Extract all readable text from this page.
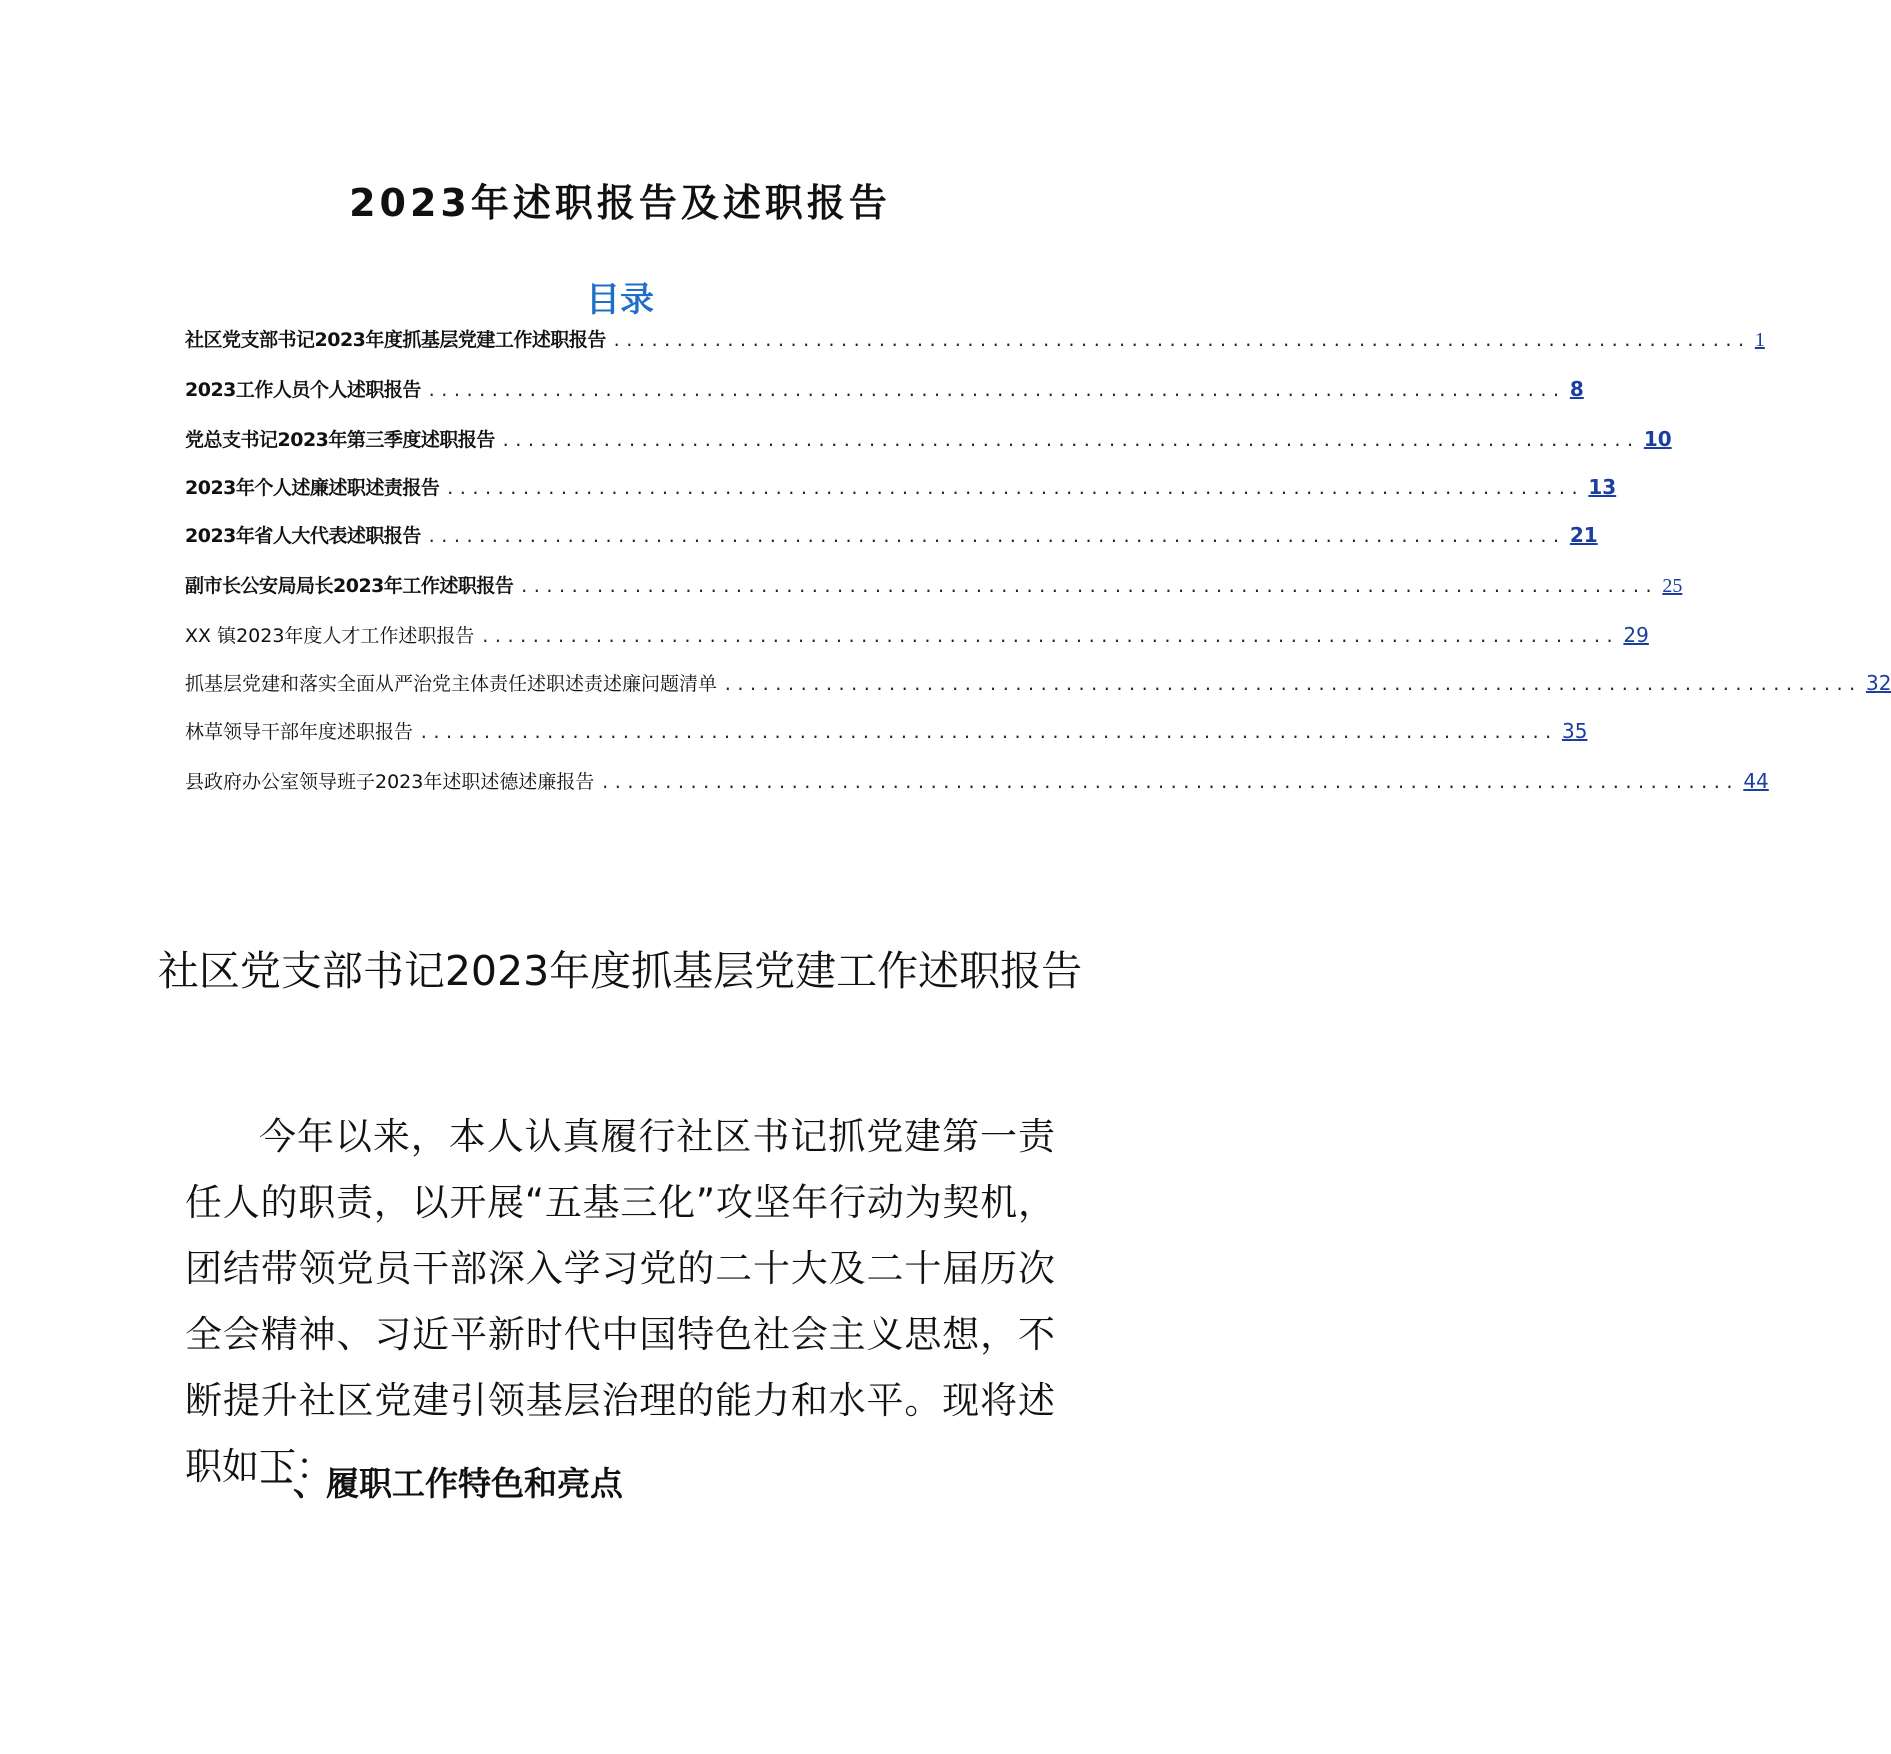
2023年述职报告及述职报告
目录
社区党支部书记2023年度抓基层党建工作述职报告 .......................................................................................... 1
2023工作人员个人述职报告 .......................................................................................... 8
党总支书记2023年第三季度述职报告 .......................................................................................... 10
2023年个人述廉述职述责报告 .......................................................................................... 13
2023年省人大代表述职报告 .......................................................................................... 21
副市长公安局局长2023年工作述职报告 .......................................................................................... 25
XX 镇2023年度人才工作述职报告 .......................................................................................... 29
抓基层党建和落实全面从严治党主体责任述职述责述廉问题清单 .......................................................................................... 32
林草领导干部年度述职报告 .......................................................................................... 35
县政府办公室领导班子2023年述职述德述廉报告 .......................................................................................... 44
社区党支部书记2023年度抓基层党建工作述职报告
今年以来，本人认真履行社区书记抓党建第一责任人的职责，以开展“五基三化”攻坚年行动为契机，团结带领党员干部深入学习党的二十大及二十届历次全会精神、习近平新时代中国特色社会主义思想，不断提升社区党建引领基层治理的能力和水平。现将述职如下：
一、履职工作特色和亮点
